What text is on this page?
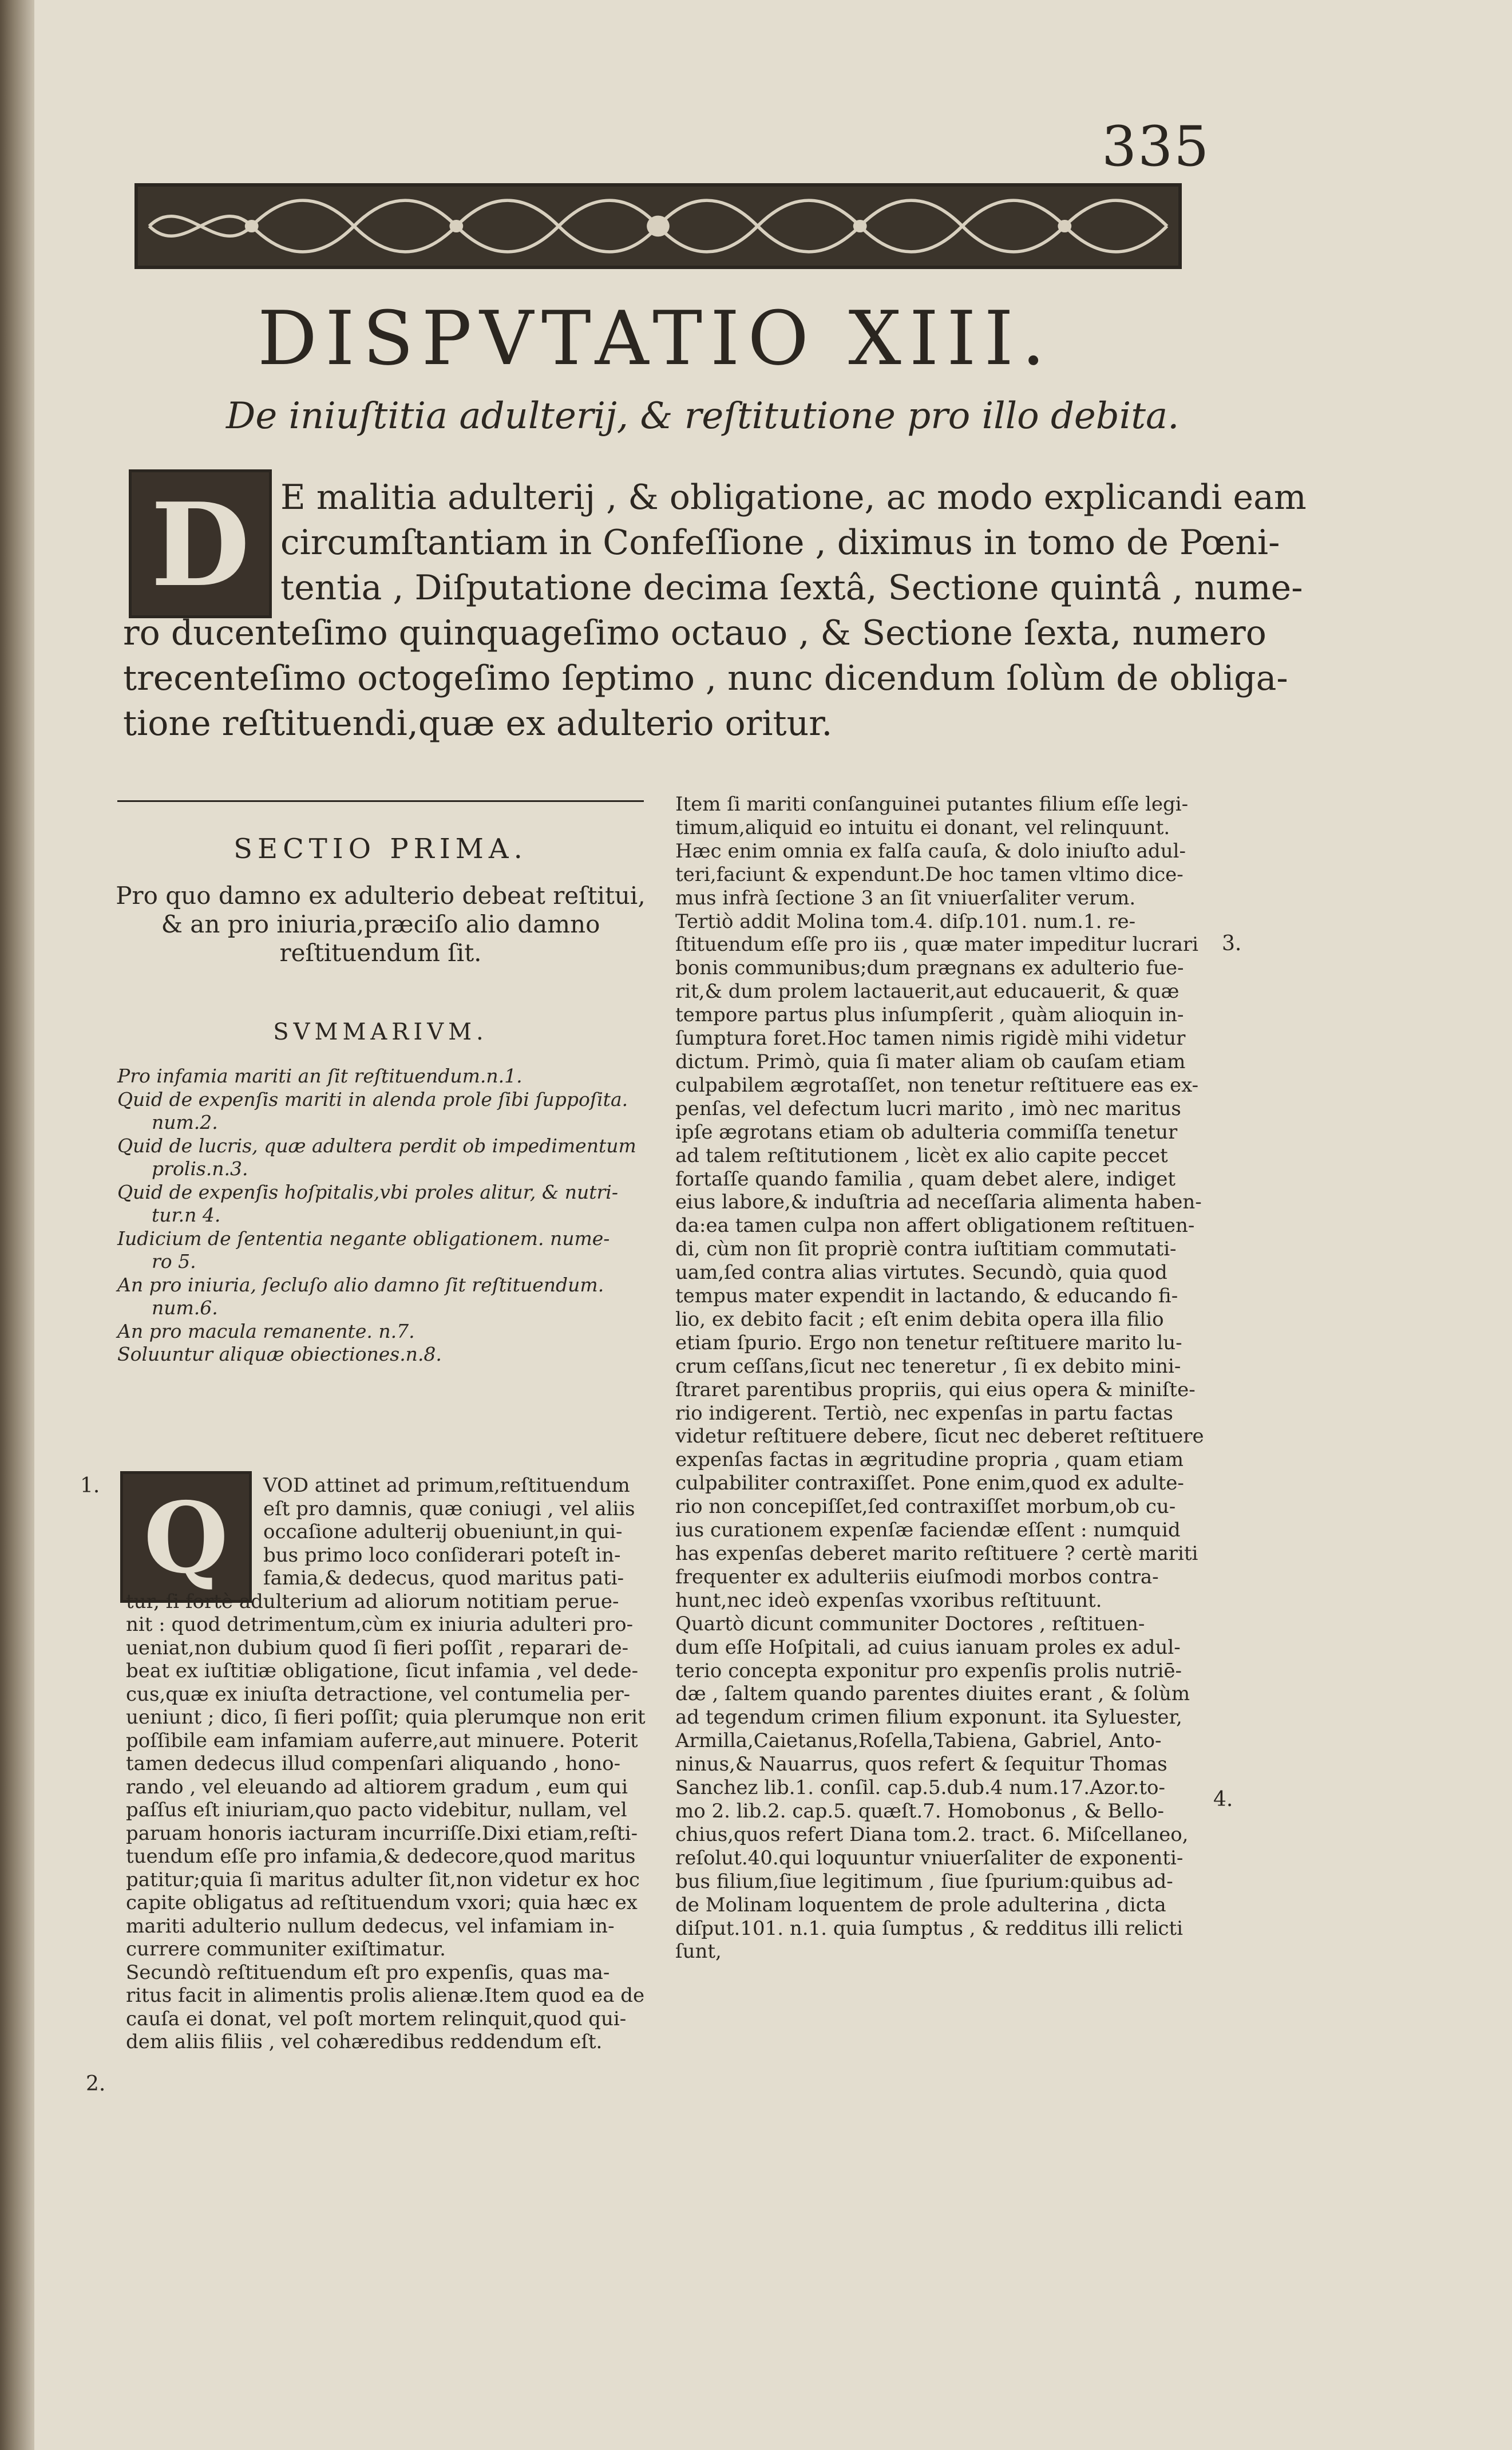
335
DISPVTATIO XIII.
De iniuſtitia adulterij, & reſtitutione pro illo debita.
D E malitia adulterij , & obligatione, ac modo explicandi eam
circumſtantiam in Confeſſione , diximus in tomo de Pœni-
tentia , Diſputatione decima ſextâ, Sectione quintâ , nume-
ro ducenteſimo quinquageſimo octauo , & Sectione ſexta, numero
trecenteſimo octogeſimo ſeptimo , nunc dicendum ſolùm de obliga-
tione reſtituendi,quæ ex adulterio oritur.
SECTIO PRIMA.
Pro quo damno ex adulterio debeat reſtitui,
& an pro iniuria,præciſo alio damno
reſtituendum ſit.
SVMMARIVM.
Pro infamia mariti an ſit reſtituendum.n.1.
Quid de expenſis mariti in alenda prole ſibi ſuppoſita.
num.2.
Quid de lucris, quæ adultera perdit ob impedimentum
prolis.n.3.
Quid de expenſis hoſpitalis,vbi proles alitur, & nutri-
tur.n 4.
Iudicium de ſententia negante obligationem. nume-
ro 5.
An pro iniuria, ſecluſo alio damno ſit reſtituendum.
num.6.
An pro macula remanente. n.7.
Soluuntur aliquæ obiectiones.n.8.
Q
1.
2.
VOD attinet ad primum,reſtituendum
eſt pro damnis, quæ coniugi , vel aliis
occaſione adulterij obueniunt,in qui-
bus primo loco conſiderari poteſt in-
famia,& dedecus, quod maritus pati-
tur, ſi fortè adulterium ad aliorum notitiam perue-
nit : quod detrimentum,cùm ex iniuria adulteri pro-
ueniat,non dubium quod ſi fieri poſſit , reparari de-
beat ex iuſtitiæ obligatione, ſicut infamia , vel dede-
cus,quæ ex iniuſta detractione, vel contumelia per-
ueniunt ; dico, ſi fieri poſſit; quia plerumque non erit
poſſibile eam infamiam auferre,aut minuere. Poterit
tamen dedecus illud compenſari aliquando , hono-
rando , vel eleuando ad altiorem gradum , eum qui
paſſus eſt iniuriam,quo pacto videbitur, nullam, vel
paruam honoris iacturam incurriſſe.Dixi etiam,reſti-
tuendum eſſe pro infamia,& dedecore,quod maritus
patitur;quia ſi maritus adulter ſit,non videtur ex hoc
capite obligatus ad reſtituendum vxori; quia hæc ex
mariti adulterio nullum dedecus, vel infamiam in-
currere communiter exiſtimatur.
Secundò reſtituendum eſt pro expenſis, quas ma-
ritus facit in alimentis prolis alienæ.Item quod ea de
cauſa ei donat, vel poſt mortem relinquit,quod qui-
dem aliis filiis , vel cohæredibus reddendum eſt.
3.
4.
Item ſi mariti conſanguinei putantes filium eſſe legi-
timum,aliquid eo intuitu ei donant, vel relinquunt.
Hæc enim omnia ex falſa cauſa, & dolo iniuſto adul-
teri,faciunt & expendunt.De hoc tamen vltimo dice-
mus infrà ſectione 3 an ſit vniuerſaliter verum.
Tertiò addit Molina tom.4. diſp.101. num.1. re-
ſtituendum eſſe pro iis , quæ mater impeditur lucrari
bonis communibus;dum prægnans ex adulterio fue-
rit,& dum prolem lactauerit,aut educauerit, & quæ
tempore partus plus inſumpſerit , quàm alioquin in-
ſumptura foret.Hoc tamen nimis rigidè mihi videtur
dictum. Primò, quia ſi mater aliam ob cauſam etiam
culpabilem ægrotaſſet, non tenetur reſtituere eas ex-
penſas, vel defectum lucri marito , imò nec maritus
ipſe ægrotans etiam ob adulteria commiſſa tenetur
ad talem reſtitutionem , licèt ex alio capite peccet
fortaſſe quando familia , quam debet alere, indiget
eius labore,& induſtria ad neceſſaria alimenta haben-
da:ea tamen culpa non affert obligationem reſtituen-
di, cùm non ſit propriè contra iuſtitiam commutati-
uam,ſed contra alias virtutes. Secundò, quia quod
tempus mater expendit in lactando, & educando fi-
lio, ex debito facit ; eſt enim debita opera illa filio
etiam ſpurio. Ergo non tenetur reſtituere marito lu-
crum ceſſans,ſicut nec teneretur , ſi ex debito mini-
ſtraret parentibus propriis, qui eius opera & miniſte-
rio indigerent. Tertiò, nec expenſas in partu factas
videtur reſtituere debere, ſicut nec deberet reſtituere
expenſas factas in ægritudine propria , quam etiam
culpabiliter contraxiſſet. Pone enim,quod ex adulte-
rio non concepiſſet,ſed contraxiſſet morbum,ob cu-
ius curationem expenſæ faciendæ eſſent : numquid
has expenſas deberet marito reſtituere ? certè mariti
frequenter ex adulteriis eiuſmodi morbos contra-
hunt,nec ideò expenſas vxoribus reſtituunt.
Quartò dicunt communiter Doctores , reſtituen-
dum eſſe Hoſpitali, ad cuius ianuam proles ex adul-
terio concepta exponitur pro expenſis prolis nutriē-
dæ , ſaltem quando parentes diuites erant , & ſolùm
ad tegendum crimen filium exponunt. ita Syluester,
Armilla,Caietanus,Roſella,Tabiena, Gabriel, Anto-
ninus,& Nauarrus, quos refert & ſequitur Thomas
Sanchez lib.1. conſil. cap.5.dub.4 num.17.Azor.to-
mo 2. lib.2. cap.5. quæſt.7. Homobonus , & Bello-
chius,quos refert Diana tom.2. tract. 6. Miſcellaneo,
reſolut.40.qui loquuntur vniuerſaliter de exponenti-
bus filium,ſiue legitimum , ſiue ſpurium:quibus ad-
de Molinam loquentem de prole adulterina , dicta
diſput.101. n.1. quia ſumptus , & redditus illi relicti
ſunt,
